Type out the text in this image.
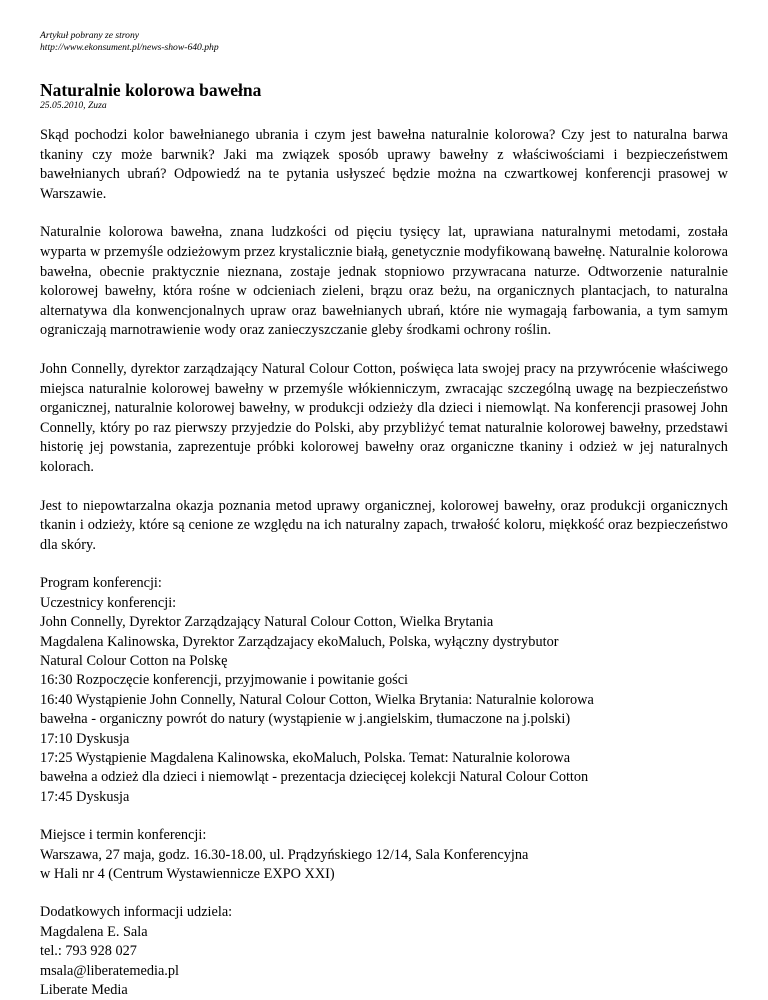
Artykuł pobrany ze strony
http://www.ekonsument.pl/news-show-640.php
Naturalnie kolorowa bawełna
25.05.2010, Zuza

Skąd pochodzi kolor bawełnianego ubrania i czym jest bawełna naturalnie kolorowa? Czy jest to naturalna barwa tkaniny czy może barwnik? Jaki ma związek sposób uprawy bawełny z właściwościami i bezpieczeństwem bawełnianych ubrań? Odpowiedź na te pytania usłyszeć będzie można na czwartkowej konferencji prasowej w Warszawie.

Naturalnie kolorowa bawełna, znana ludzkości od pięciu tysięcy lat, uprawiana naturalnymi metodami, została wyparta w przemyśle odzieżowym przez krystalicznie białą, genetycznie modyfikowaną bawełnę. Naturalnie kolorowa bawełna, obecnie praktycznie nieznana, zostaje jednak stopniowo przywracana naturze. Odtworzenie naturalnie kolorowej bawełny, która rośne w odcieniach zieleni, brązu oraz beżu, na organicznych plantacjach, to naturalna alternatywa dla konwencjonalnych upraw oraz bawełnianych ubrań, które nie wymagają farbowania, a tym samym ograniczają marnotrawienie wody oraz zanieczyszczanie gleby środkami ochrony roślin.

John Connelly, dyrektor zarządzający Natural Colour Cotton, poświęca lata swojej pracy na przywrócenie właściwego miejsca naturalnie kolorowej bawełny w przemyśle włókienniczym, zwracając szczególną uwagę na bezpieczeństwo organicznej, naturalnie kolorowej bawełny, w produkcji odzieży dla dzieci i niemowląt. Na konferencji prasowej John Connelly, który po raz pierwszy przyjedzie do Polski, aby przybliżyć temat naturalnie kolorowej bawełny, przedstawi historię jej powstania, zaprezentuje próbki kolorowej bawełny oraz organiczne tkaniny i odzież w jej naturalnych kolorach.

Jest to niepowtarzalna okazja poznania metod uprawy organicznej, kolorowej bawełny, oraz produkcji organicznych tkanin i odzieży, które są cenione ze względu na ich naturalny zapach, trwałość koloru, miękkość oraz bezpieczeństwo dla skóry.

Program konferencji:
Uczestnicy konferencji:
John Connelly, Dyrektor Zarządzający Natural Colour Cotton, Wielka Brytania
Magdalena Kalinowska, Dyrektor Zarządzajacy ekoMaluch, Polska, wyłączny dystrybutor
Natural Colour Cotton na Polskę
16:30 Rozpoczęcie konferencji, przyjmowanie i powitanie gości
16:40 Wystąpienie John Connelly, Natural Colour Cotton, Wielka Brytania: Naturalnie kolorowa
bawełna - organiczny powrót do natury (wystąpienie w j.angielskim, tłumaczone na j.polski)
17:10 Dyskusja
17:25 Wystąpienie Magdalena Kalinowska, ekoMaluch, Polska. Temat: Naturalnie kolorowa
bawełna a odzież dla dzieci i niemowląt - prezentacja dziecięcej kolekcji Natural Colour Cotton
17:45 Dyskusja
Miejsce i termin konferencji:
Warszawa, 27 maja, godz. 16.30-18.00, ul. Prądzyńskiego 12/14, Sala Konferencyjna
w Hali nr 4 (Centrum Wystawiennicze EXPO XXI)
Dodatkowych informacji udziela:
Magdalena E. Sala
tel.: 793 928 027
msala@liberatemedia.pl
Liberate Media
